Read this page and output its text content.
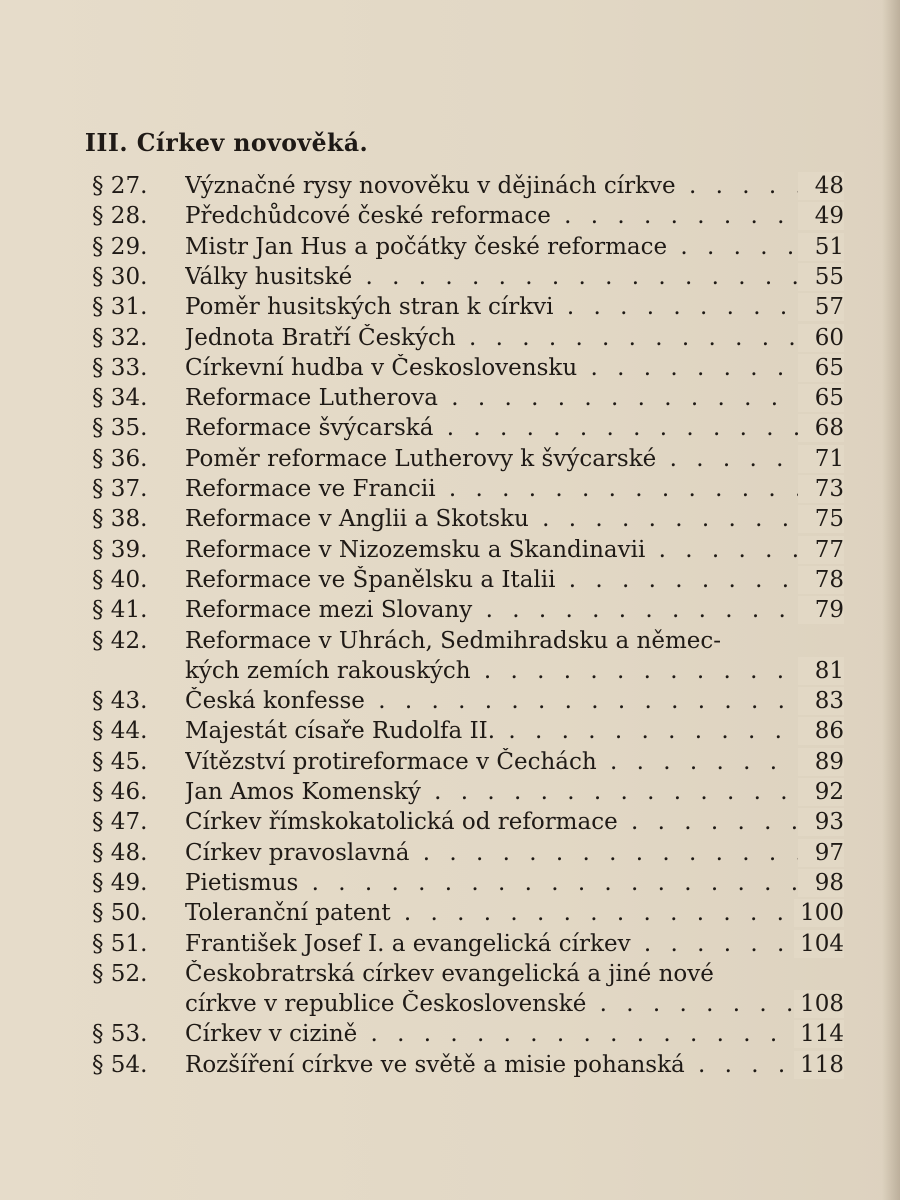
III. Církev novověká.
§ 27.	Význačné rysy novověku v dějinách církve . . .	48
§ 28.	Předchůdcové české reformace . . .	49
§ 29.	Mistr Jan Hus a počátky české reformace . . .	51
§ 30.	Války husitské . . .	55
§ 31.	Poměr husitských stran k církvi . . .	57
§ 32.	Jednota Bratří Českých . . .	60
§ 33.	Církevní hudba v Československu . . .	65
§ 34.	Reformace Lutherova . . .	65
§ 35.	Reformace švýcarská . . .	68
§ 36.	Poměr reformace Lutherovy k švýcarské . . .	71
§ 37.	Reformace ve Francii . . .	73
§ 38.	Reformace v Anglii a Skotsku . . .	75
§ 39.	Reformace v Nizozemsku a Skandinavii . . .	77
§ 40.	Reformace ve Španělsku a Italii . . .	78
§ 41.	Reformace mezi Slovany . . .	79
§ 42.	Reformace v Uhrách, Sedmihradsku a němec-
kých zemích rakouských . . .	81
§ 43.	Česká konfesse . . .	83
§ 44.	Majestát císaře Rudolfa II. . . .	86
§ 45.	Vítězství protireformace v Čechách . . .	89
§ 46.	Jan Amos Komenský . . .	92
§ 47.	Církev římskokatolická od reformace . . .	93
§ 48.	Církev pravoslavná . . .	97
§ 49.	Pietismus . . .	98
§ 50.	Toleranční patent . . .	100
§ 51.	František Josef I. a evangelická církev . . .	104
§ 52.	Českobratrská církev evangelická a jiné nové
církve v republice Československé . . .	108
§ 53.	Církev v cizině . . .	114
§ 54.	Rozšíření církve ve světě a misie pohanská . . .	118
